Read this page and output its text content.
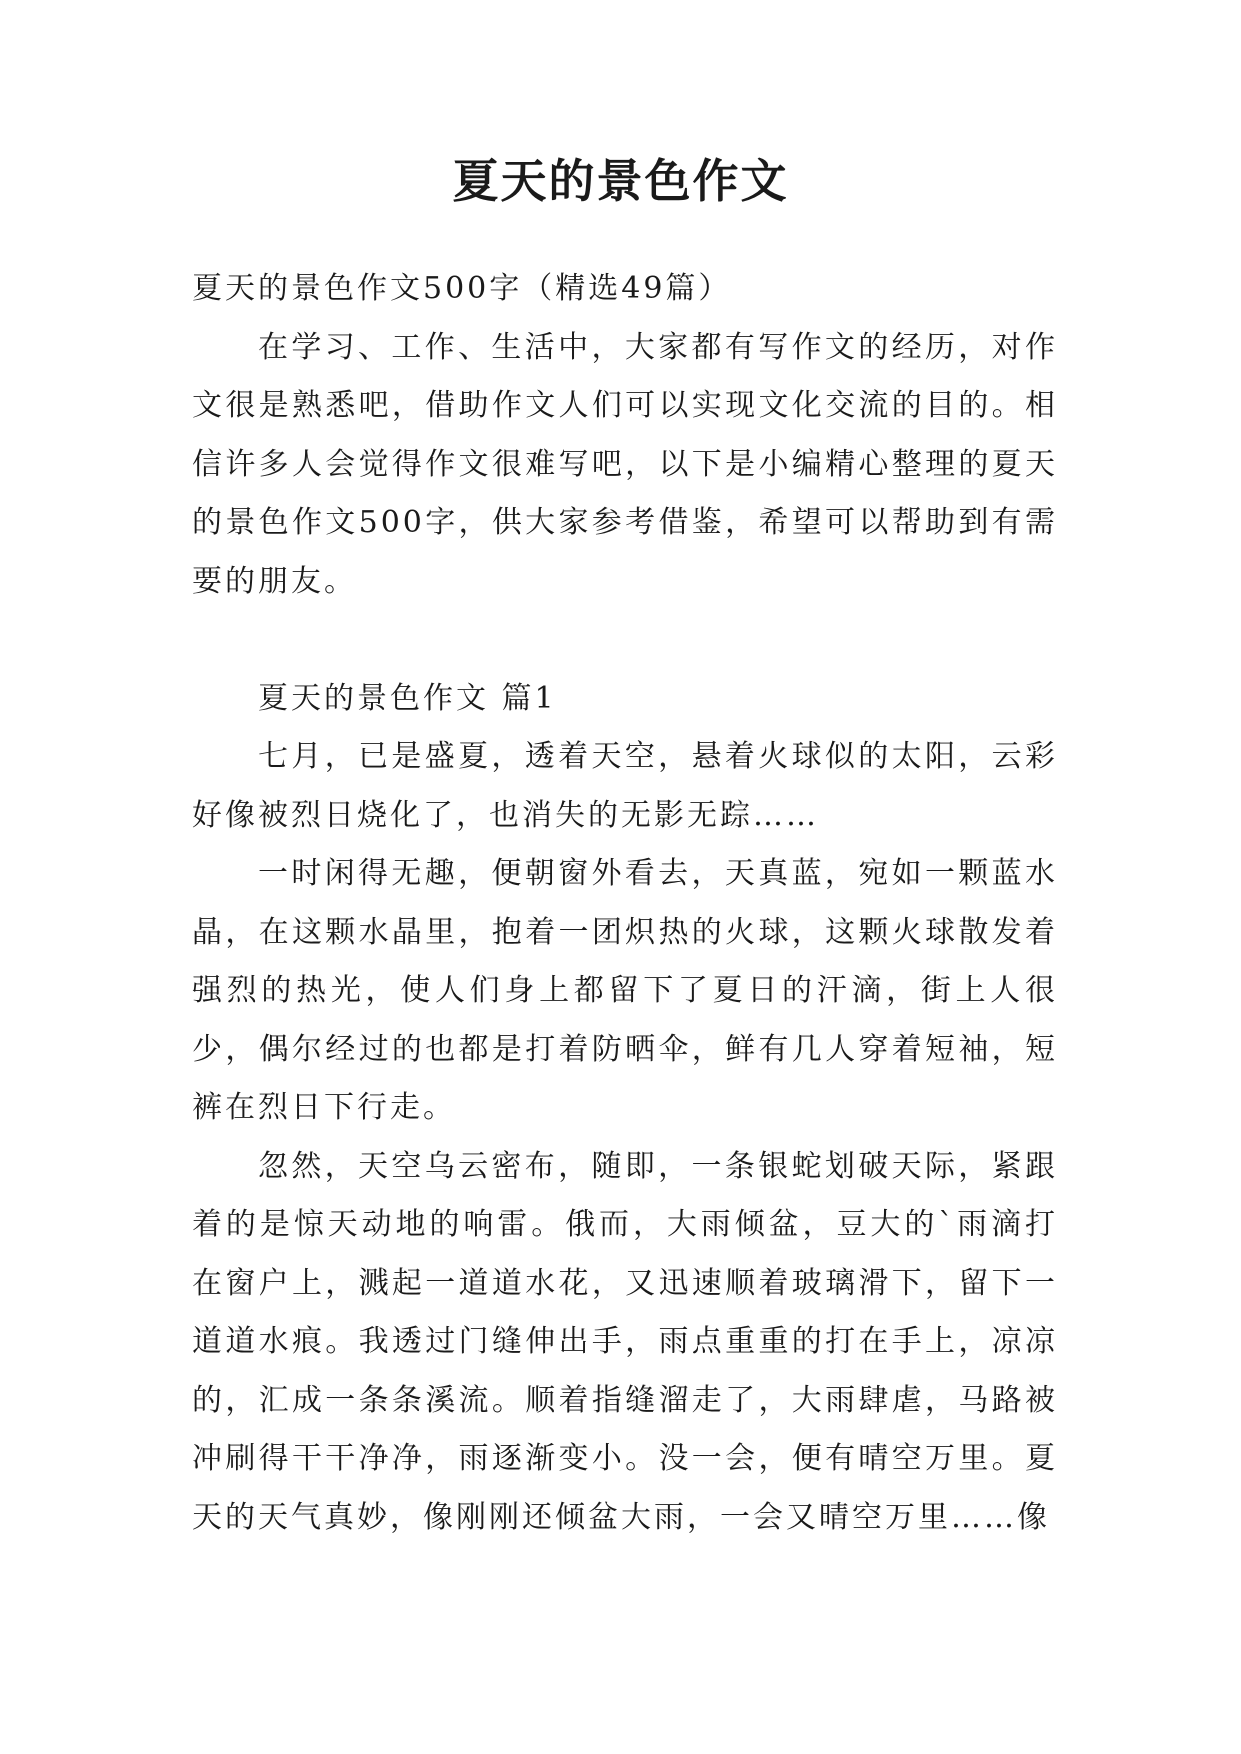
夏天的景色作文

夏天的景色作文500字（精选49篇）

在学习、工作、生活中，大家都有写作文的经历，对作文很是熟悉吧，借助作文人们可以实现文化交流的目的。相信许多人会觉得作文很难写吧，以下是小编精心整理的夏天的景色作文500字，供大家参考借鉴，希望可以帮助到有需要的朋友。

夏天的景色作文 篇1

七月，已是盛夏，透着天空，悬着火球似的太阳，云彩好像被烈日烧化了，也消失的无影无踪……

一时闲得无趣，便朝窗外看去，天真蓝，宛如一颗蓝水晶，在这颗水晶里，抱着一团炽热的火球，这颗火球散发着强烈的热光，使人们身上都留下了夏日的汗滴，街上人很少，偶尔经过的也都是打着防晒伞，鲜有几人穿着短袖，短裤在烈日下行走。

忽然，天空乌云密布，随即，一条银蛇划破天际，紧跟着的是惊天动地的响雷。俄而，大雨倾盆，豆大的`雨滴打在窗户上，溅起一道道水花，又迅速顺着玻璃滑下，留下一道道水痕。我透过门缝伸出手，雨点重重的打在手上，凉凉的，汇成一条条溪流。顺着指缝溜走了，大雨肆虐，马路被冲刷得干干净净，雨逐渐变小。没一会，便有晴空万里。夏天的天气真妙，像刚刚还倾盆大雨，一会又晴空万里……像
